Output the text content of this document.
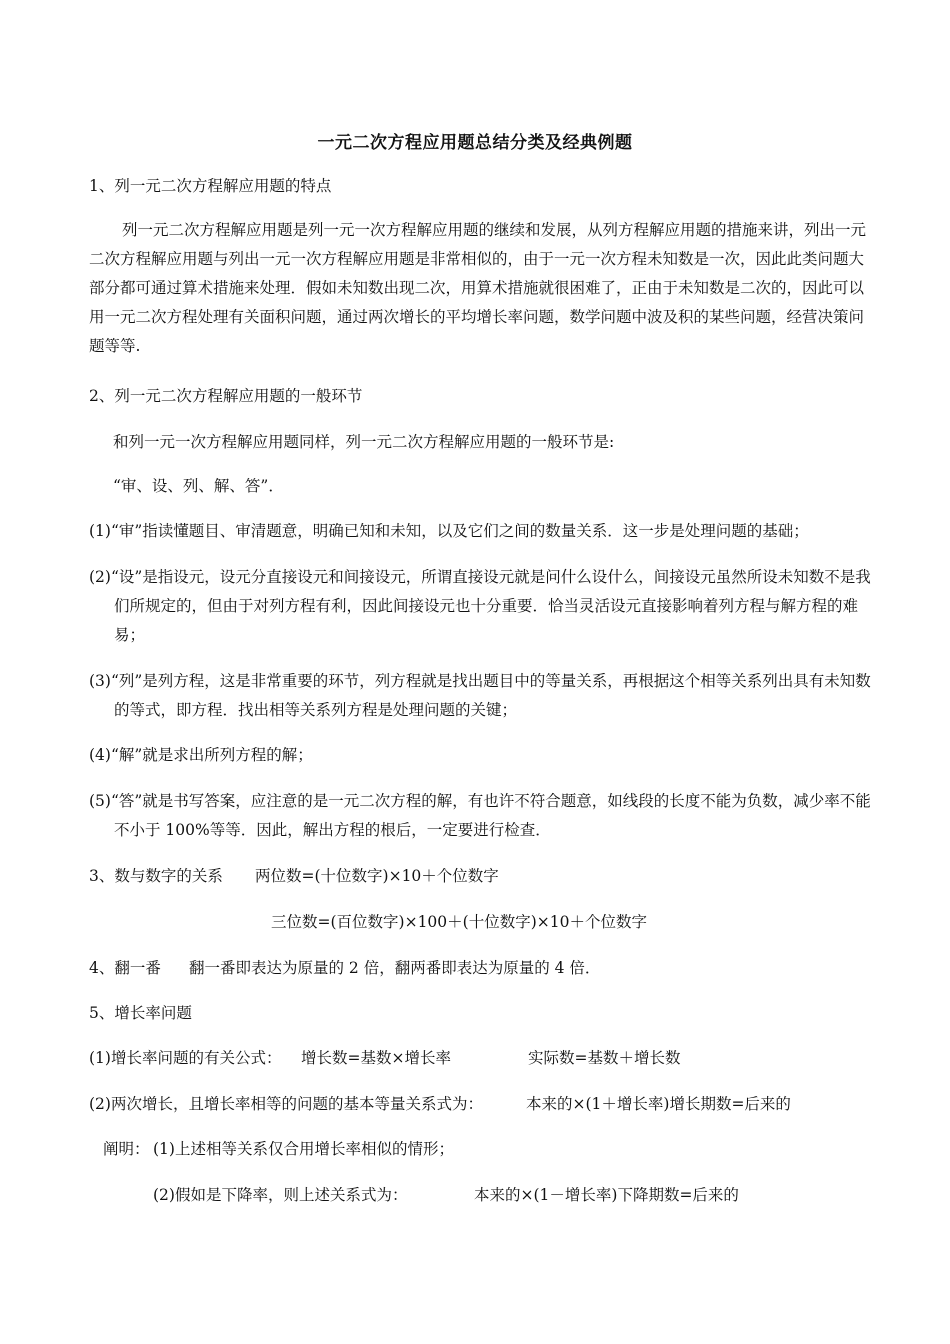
一元二次方程应用题总结分类及经典例题
1、列一元二次方程解应用题的特点
列一元二次方程解应用题是列一元一次方程解应用题的继续和发展，从列方程解应用题的措施来讲，列出一元二次方程解应用题与列出一元一次方程解应用题是非常相似的，由于一元一次方程未知数是一次，因此此类问题大部分都可通过算术措施来处理．假如未知数出现二次，用算术措施就很困难了，正由于未知数是二次的，因此可以用一元二次方程处理有关面积问题，通过两次增长的平均增长率问题，数学问题中波及积的某些问题，经营决策问题等等.
2、列一元二次方程解应用题的一般环节
和列一元一次方程解应用题同样，列一元二次方程解应用题的一般环节是:
“审、设、列、解、答”．
(1)“审”指读懂题目、审清题意，明确已知和未知，以及它们之间的数量关系．这一步是处理问题的基础；
(2)“设”是指设元，设元分直接设元和间接设元，所谓直接设元就是问什么设什么，间接设元虽然所设未知数不是我们所规定的，但由于对列方程有利，因此间接设元也十分重要．恰当灵活设元直接影响着列方程与解方程的难易；
(3)“列”是列方程，这是非常重要的环节，列方程就是找出题目中的等量关系，再根据这个相等关系列出具有未知数的等式，即方程．找出相等关系列方程是处理问题的关键；
(4)“解”就是求出所列方程的解；
(5)“答”就是书写答案，应注意的是一元二次方程的解，有也许不符合题意，如线段的长度不能为负数，减少率不能不小于 100%等等．因此，解出方程的根后，一定要进行检查．
3、数与数字的关系 两位数=(十位数字)×10＋个位数字
三位数=(百位数字)×100＋(十位数字)×10＋个位数字
4、翻一番 翻一番即表达为原量的 2 倍，翻两番即表达为原量的 4 倍．
5、增长率问题
(1)增长率问题的有关公式： 增长数=基数×增长率	实际数=基数＋增长数
(2)两次增长，且增长率相等的问题的基本等量关系式为：	本来的×(1＋增长率)增长期数=后来的
阐明： (1)上述相等关系仅合用增长率相似的情形；
(2)假如是下降率，则上述关系式为：	本来的×(1－增长率)下降期数=后来的
